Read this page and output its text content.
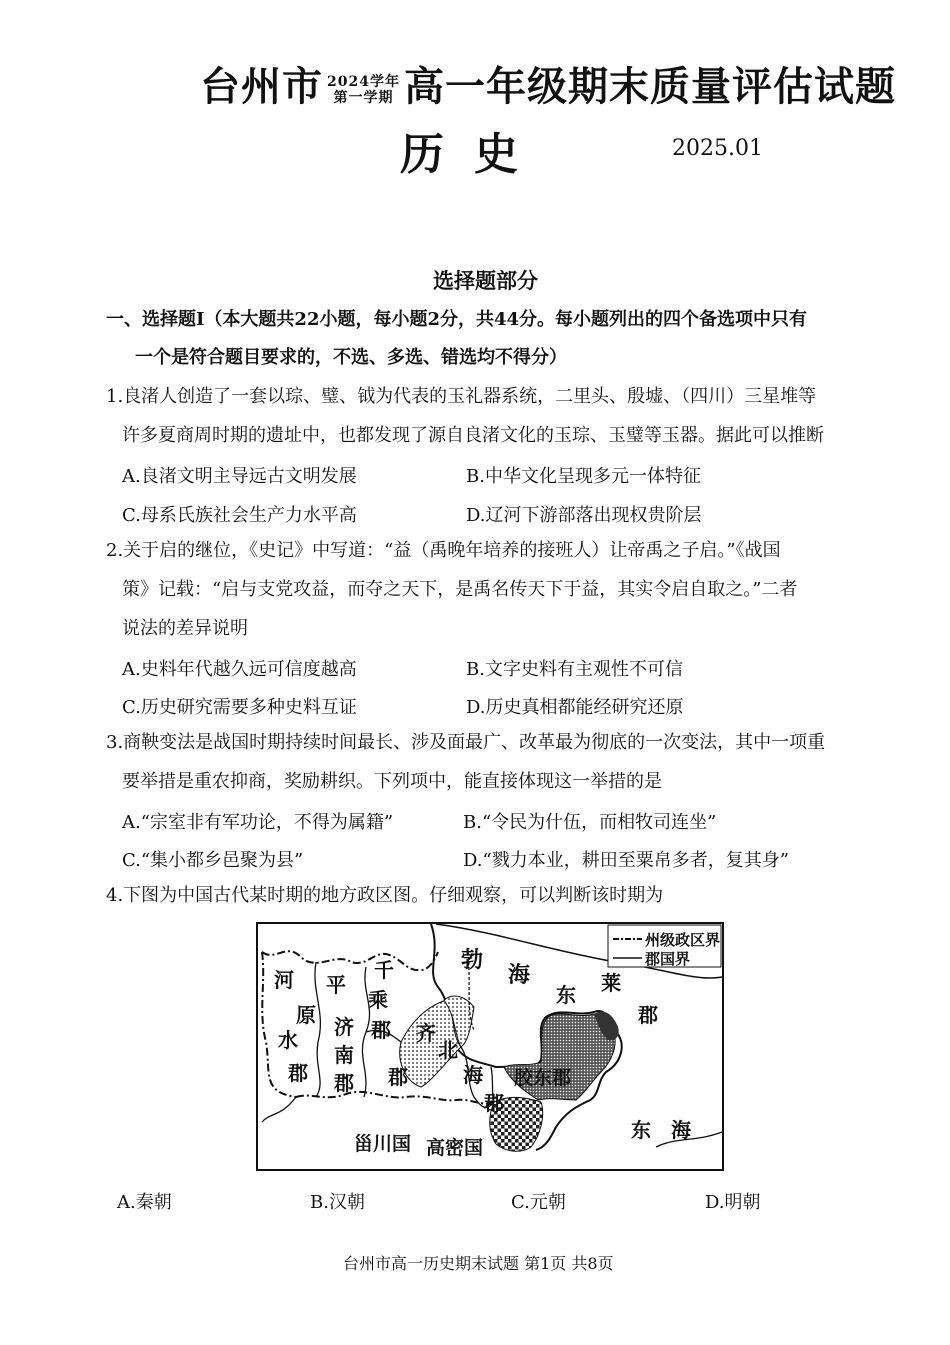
台州市 2024学年
第一学期 高一年级期末质量评估试题
历史	2025.01
选择题部分
一、选择题Ⅰ（本大题共22小题，每小题2分，共44分。每小题列出的四个备选项中只有
一个是符合题目要求的，不选、多选、错选均不得分）
1.良渚人创造了一套以琮、璧、钺为代表的玉礼器系统，二里头、殷墟、（四川）三星堆等
许多夏商周时期的遗址中，也都发现了源自良渚文化的玉琮、玉璧等玉器。据此可以推断
A.良渚文明主导远古文明发展	B.中华文化呈现多元一体特征
C.母系氏族社会生产力水平高	D.辽河下游部落出现权贵阶层
2.关于启的继位，《史记》中写道：“益（禹晚年培养的接班人）让帝禹之子启。”《战国
策》记载：“启与支党攻益，而夺之天下，是禹名传天下于益，其实令启自取之。”二者
说法的差异说明
A.史料年代越久远可信度越高	B.文字史料有主观性不可信
C.历史研究需要多种史料互证	D.历史真相都能经研究还原
3.商鞅变法是战国时期持续时间最长、涉及面最广、改革最为彻底的一次变法，其中一项重
要举措是重农抑商，奖励耕织。下列项中，能直接体现这一举措的是
A.“宗室非有军功论，不得为属籍”	B.“令民为什伍，而相牧司连坐”
C.“集小都乡邑聚为县”	D.“戮力本业，耕田至粟帛多者，复其身”
4.下图为中国古代某时期的地方政区图。仔细观察，可以判断该时期为
州级政区界
郡国界
勃
海
平
原
河
水
郡
千
乘
郡
济
南
郡
齐
郡
北
海
郡
胶东郡
东 莱
郡
甾川国 高密国
东　海
A.秦朝	B.汉朝	C.元朝	D.明朝
台州市高一历史期末试题 第1页 共8页
